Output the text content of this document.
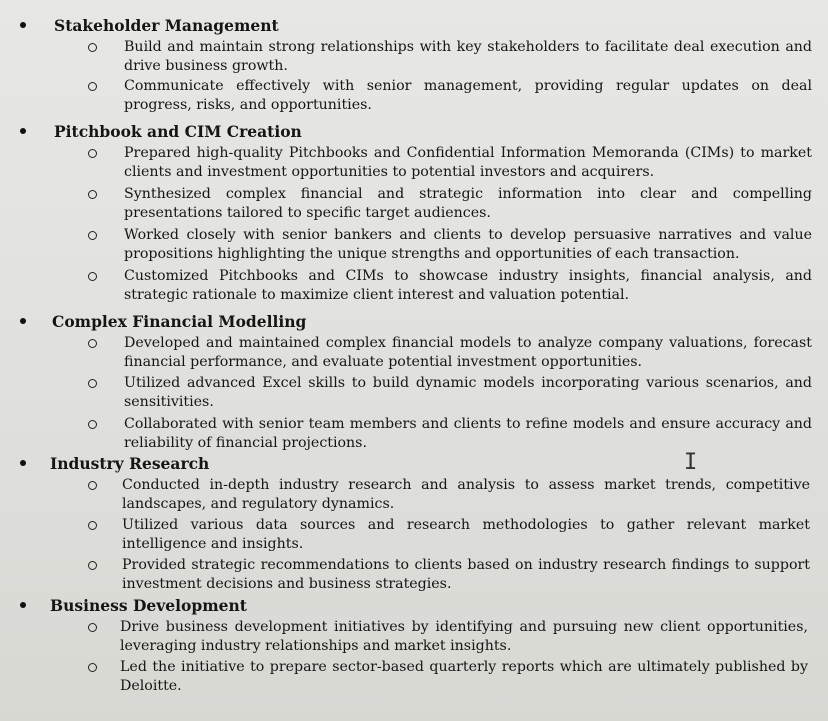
Stakeholder Management
Build and maintain strong relationships with key stakeholders to facilitate deal execution and drive business growth.
Communicate effectively with senior management, providing regular updates on deal progress, risks, and opportunities.
Pitchbook and CIM Creation
Prepared high-quality Pitchbooks and Confidential Information Memoranda (CIMs) to market clients and investment opportunities to potential investors and acquirers.
Synthesized complex financial and strategic information into clear and compelling presentations tailored to specific target audiences.
Worked closely with senior bankers and clients to develop persuasive narratives and value propositions highlighting the unique strengths and opportunities of each transaction.
Customized Pitchbooks and CIMs to showcase industry insights, financial analysis, and strategic rationale to maximize client interest and valuation potential.
Complex Financial Modelling
Developed and maintained complex financial models to analyze company valuations, forecast financial performance, and evaluate potential investment opportunities.
Utilized advanced Excel skills to build dynamic models incorporating various scenarios, and sensitivities.
Collaborated with senior team members and clients to refine models and ensure accuracy and reliability of financial projections.
Industry Research
Conducted in-depth industry research and analysis to assess market trends, competitive landscapes, and regulatory dynamics.
Utilized various data sources and research methodologies to gather relevant market intelligence and insights.
Provided strategic recommendations to clients based on industry research findings to support investment decisions and business strategies.
Business Development
Drive business development initiatives by identifying and pursuing new client opportunities, leveraging industry relationships and market insights.
Led the initiative to prepare sector-based quarterly reports which are ultimately published by Deloitte.
I
